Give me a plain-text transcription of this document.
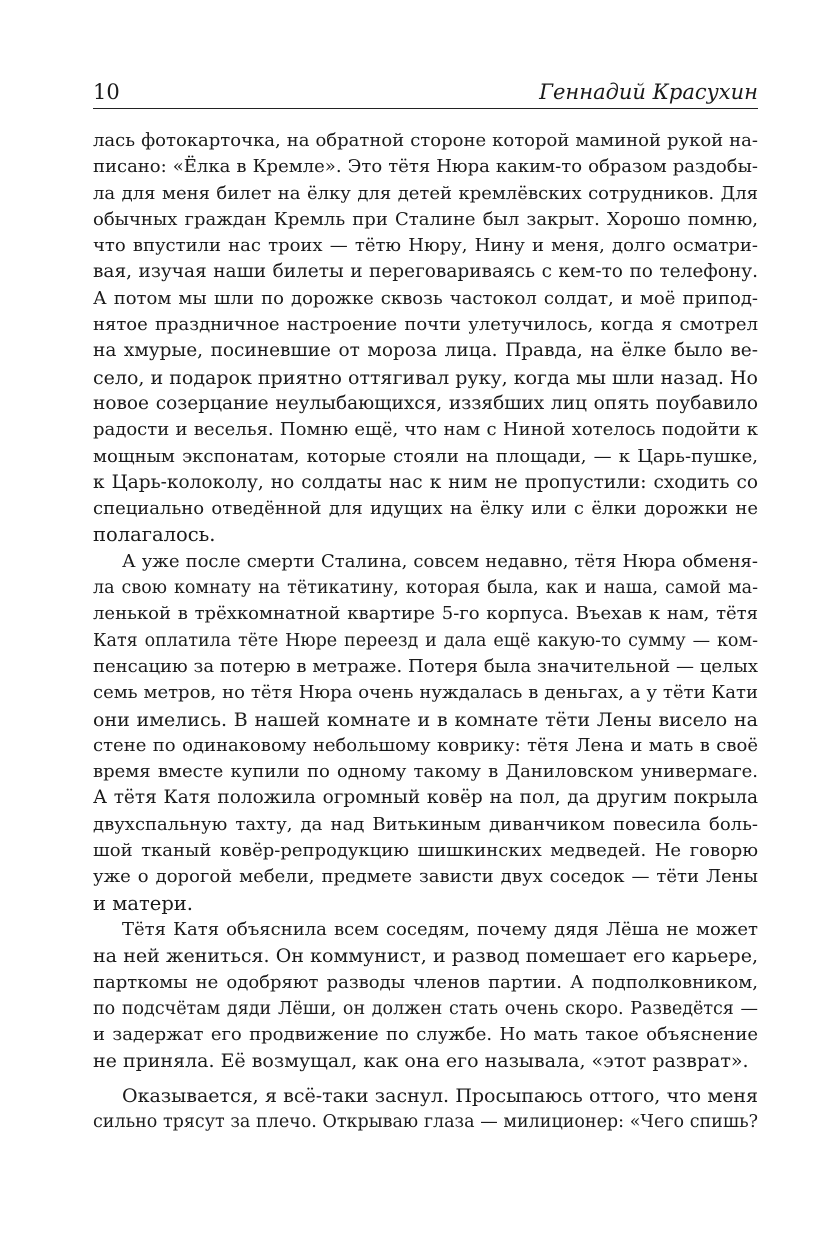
10	Геннадий Красухин
лась фотокарточка, на обратной стороне которой маминой рукой на-
писано: «Ёлка в Кремле». Это тётя Нюра каким-то образом раздобы-
ла для меня билет на ёлку для детей кремлёвских сотрудников. Для
обычных граждан Кремль при Сталине был закрыт. Хорошо помню,
что впустили нас троих — тётю Нюру, Нину и меня, долго осматри-
вая, изучая наши билеты и переговариваясь с кем-то по телефону.
А потом мы шли по дорожке сквозь частокол солдат, и моё припод-
нятое праздничное настроение почти улетучилось, когда я смотрел
на хмурые, посиневшие от мороза лица. Правда, на ёлке было ве-
село, и подарок приятно оттягивал руку, когда мы шли назад. Но
новое созерцание неулыбающихся, иззябших лиц опять поубавило
радости и веселья. Помню ещё, что нам с Ниной хотелось подойти к
мощным экспонатам, которые стояли на площади, — к Царь-пушке,
к Царь-колоколу, но солдаты нас к ним не пропустили: сходить со
специально отведённой для идущих на ёлку или с ёлки дорожки не
полагалось.
А уже после смерти Сталина, совсем недавно, тётя Нюра обменя-
ла свою комнату на тётикатину, которая была, как и наша, самой ма-
ленькой в трёхкомнатной квартире 5-го корпуса. Въехав к нам, тётя
Катя оплатила тёте Нюре переезд и дала ещё какую-то сумму — ком-
пенсацию за потерю в метраже. Потеря была значительной — целых
семь метров, но тётя Нюра очень нуждалась в деньгах, а у тёти Кати
они имелись. В нашей комнате и в комнате тёти Лены висело на
стене по одинаковому небольшому коврику: тётя Лена и мать в своё
время вместе купили по одному такому в Даниловском универмаге.
А тётя Катя положила огромный ковёр на пол, да другим покрыла
двухспальную тахту, да над Витькиным диванчиком повесила боль-
шой тканый ковёр-репродукцию шишкинских медведей. Не говорю
уже о дорогой мебели, предмете зависти двух соседок — тёти Лены
и матери.
Тётя Катя объяснила всем соседям, почему дядя Лёша не может
на ней жениться. Он коммунист, и развод помешает его карьере,
парткомы не одобряют разводы членов партии. А подполковником,
по подсчётам дяди Лёши, он должен стать очень скоро. Разведётся —
и задержат его продвижение по службе. Но мать такое объяснение
не приняла. Её возмущал, как она его называла, «этот разврат».
Оказывается, я всё-таки заснул. Просыпаюсь оттого, что меня
сильно трясут за плечо. Открываю глаза — милиционер: «Чего спишь?
